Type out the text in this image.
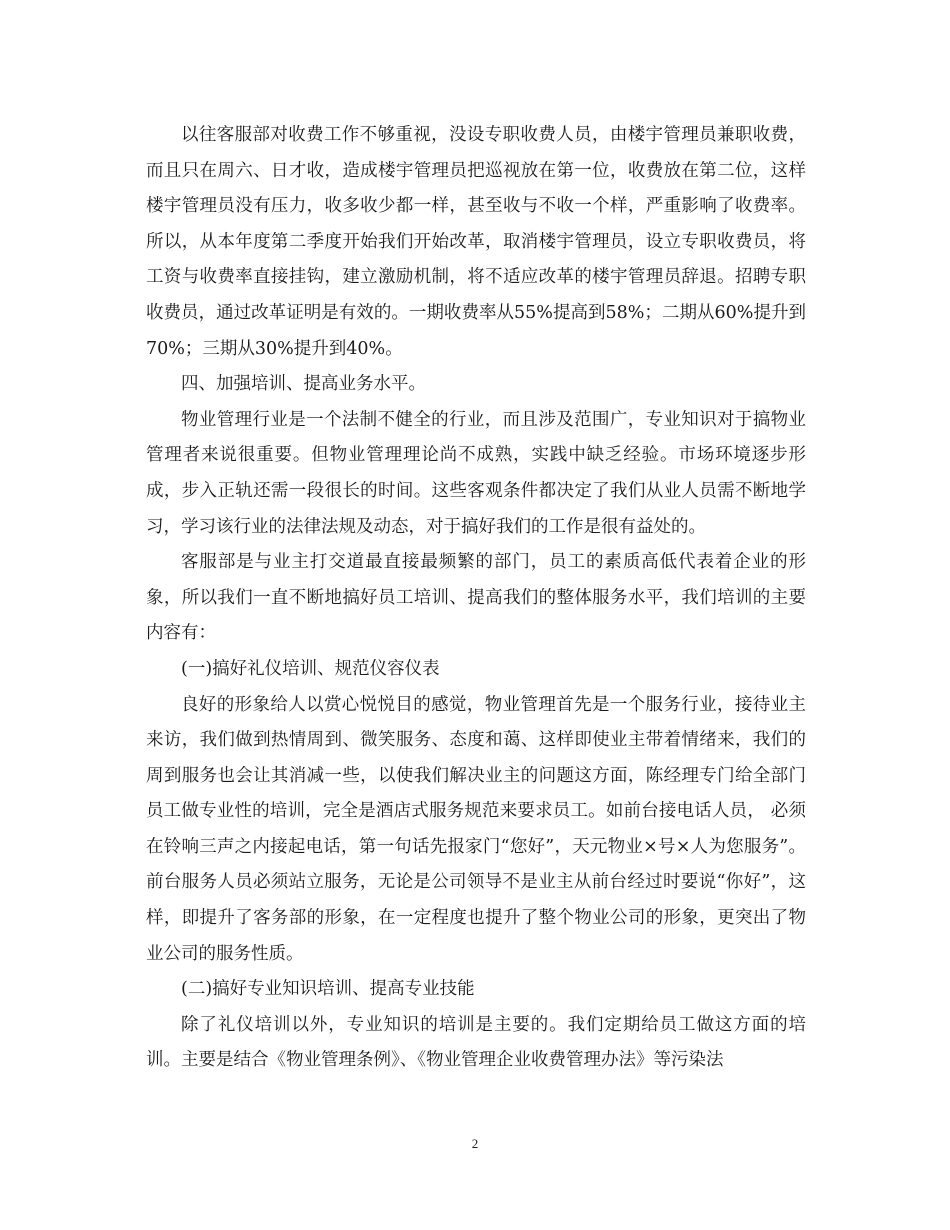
以往客服部对收费工作不够重视，没设专职收费人员，由楼宇管理员兼职收费，而且只在周六、日才收，造成楼宇管理员把巡视放在第一位，收费放在第二位，这样楼宇管理员没有压力，收多收少都一样，甚至收与不收一个样，严重影响了收费率。所以，从本年度第二季度开始我们开始改革，取消楼宇管理员，设立专职收费员，将工资与收费率直接挂钩，建立激励机制，将不适应改革的楼宇管理员辞退。招聘专职收费员，通过改革证明是有效的。一期收费率从55%提高到58%；二期从60%提升到70%；三期从30%提升到40%。

四、加强培训、提高业务水平。

物业管理行业是一个法制不健全的行业，而且涉及范围广，专业知识对于搞物业管理者来说很重要。但物业管理理论尚不成熟，实践中缺乏经验。市场环境逐步形成，步入正轨还需一段很长的时间。这些客观条件都决定了我们从业人员需不断地学习，学习该行业的法律法规及动态，对于搞好我们的工作是很有益处的。

客服部是与业主打交道最直接最频繁的部门，员工的素质高低代表着企业的形象，所以我们一直不断地搞好员工培训、提高我们的整体服务水平，我们培训的主要内容有：

(一)搞好礼仪培训、规范仪容仪表

良好的形象给人以赏心悦悦目的感觉，物业管理首先是一个服务行业，接待业主来访，我们做到热情周到、微笑服务、态度和蔼、这样即使业主带着情绪来，我们的周到服务也会让其消减一些，以使我们解决业主的问题这方面，陈经理专门给全部门员工做专业性的培训，完全是酒店式服务规范来要求员工。如前台接电话人员， 必须在铃响三声之内接起电话，第一句话先报家门“您好”，天元物业×号×人为您服务”。前台服务人员必须站立服务，无论是公司领导不是业主从前台经过时要说“你好”，这样，即提升了客务部的形象，在一定程度也提升了整个物业公司的形象，更突出了物业公司的服务性质。

(二)搞好专业知识培训、提高专业技能

除了礼仪培训以外，专业知识的培训是主要的。我们定期给员工做这方面的培训。主要是结合《物业管理条例》、《物业管理企业收费管理办法》等污染法

2
